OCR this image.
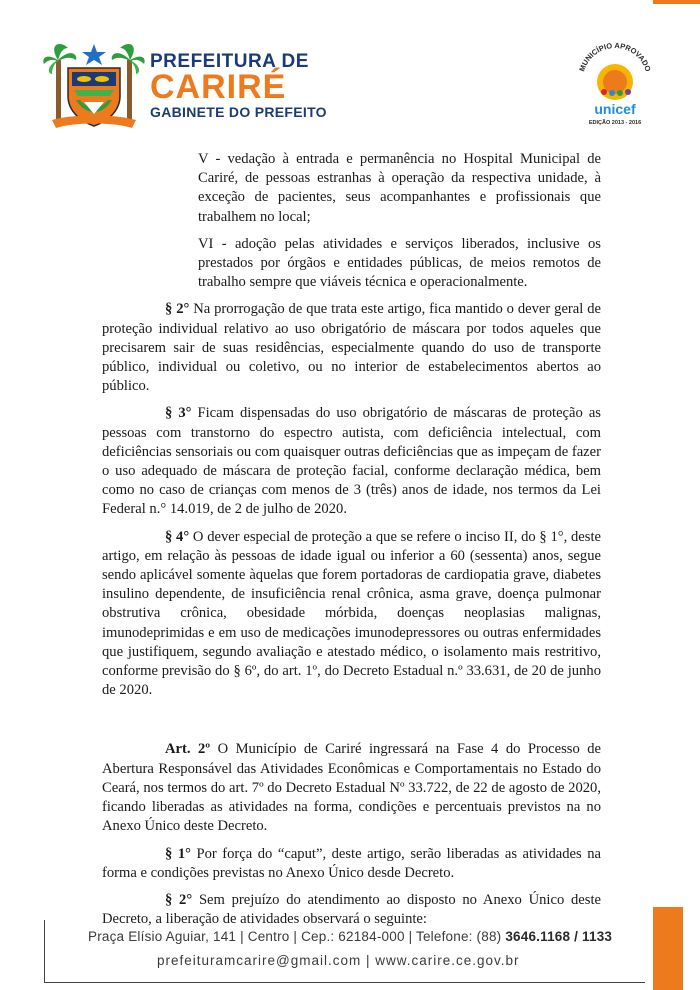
PREFEITURA DE
CARIRÉ
GABINETE DO PREFEITO
MUNICÍPIO APROVADO
unicef
EDIÇÃO 2013 - 2016

V - vedação à entrada e permanência no Hospital Municipal de Cariré, de pessoas estranhas à operação da respectiva unidade, à exceção de pacientes, seus acompanhantes e profissionais que trabalhem no local;

VI - adoção pelas atividades e serviços liberados, inclusive os prestados por órgãos e entidades públicas, de meios remotos de trabalho sempre que viáveis técnica e operacionalmente.

§ 2° Na prorrogação de que trata este artigo, fica mantido o dever geral de proteção individual relativo ao uso obrigatório de máscara por todos aqueles que precisarem sair de suas residências, especialmente quando do uso de transporte público, individual ou coletivo, ou no interior de estabelecimentos abertos ao público.

§ 3° Ficam dispensadas do uso obrigatório de máscaras de proteção as pessoas com transtorno do espectro autista, com deficiência intelectual, com deficiências sensoriais ou com quaisquer outras deficiências que as impeçam de fazer o uso adequado de máscara de proteção facial, conforme declaração médica, bem como no caso de crianças com menos de 3 (três) anos de idade, nos termos da Lei Federal n.° 14.019, de 2 de julho de 2020.

§ 4° O dever especial de proteção a que se refere o inciso II, do § 1°, deste artigo, em relação às pessoas de idade igual ou inferior a 60 (sessenta) anos, segue sendo aplicável somente àquelas que forem portadoras de cardiopatia grave, diabetes insulino dependente, de insuficiência renal crônica, asma grave, doença pulmonar obstrutiva crônica, obesidade mórbida, doenças neoplasias malignas, imunodeprimidas e em uso de medicações imunodepressores ou outras enfermidades que justifiquem, segundo avaliação e atestado médico, o isolamento mais restritivo, conforme previsão do § 6º, do art. 1º, do Decreto Estadual n.º 33.631, de 20 de junho de 2020.

Art. 2º O Município de Cariré ingressará na Fase 4 do Processo de Abertura Responsável das Atividades Econômicas e Comportamentais no Estado do Ceará, nos termos do art. 7º do Decreto Estadual Nº 33.722, de 22 de agosto de 2020, ficando liberadas as atividades na forma, condições e percentuais previstos na no Anexo Único deste Decreto.

§ 1° Por força do “caput”, deste artigo, serão liberadas as atividades na forma e condições previstas no Anexo Único desde Decreto.

§ 2° Sem prejuízo do atendimento ao disposto no Anexo Único deste Decreto, a liberação de atividades observará o seguinte:

Praça Elísio Aguiar, 141 | Centro | Cep.: 62184-000 | Telefone: (88) 3646.1168 / 1133
prefeituramcarire@gmail.com | www.carire.ce.gov.br
